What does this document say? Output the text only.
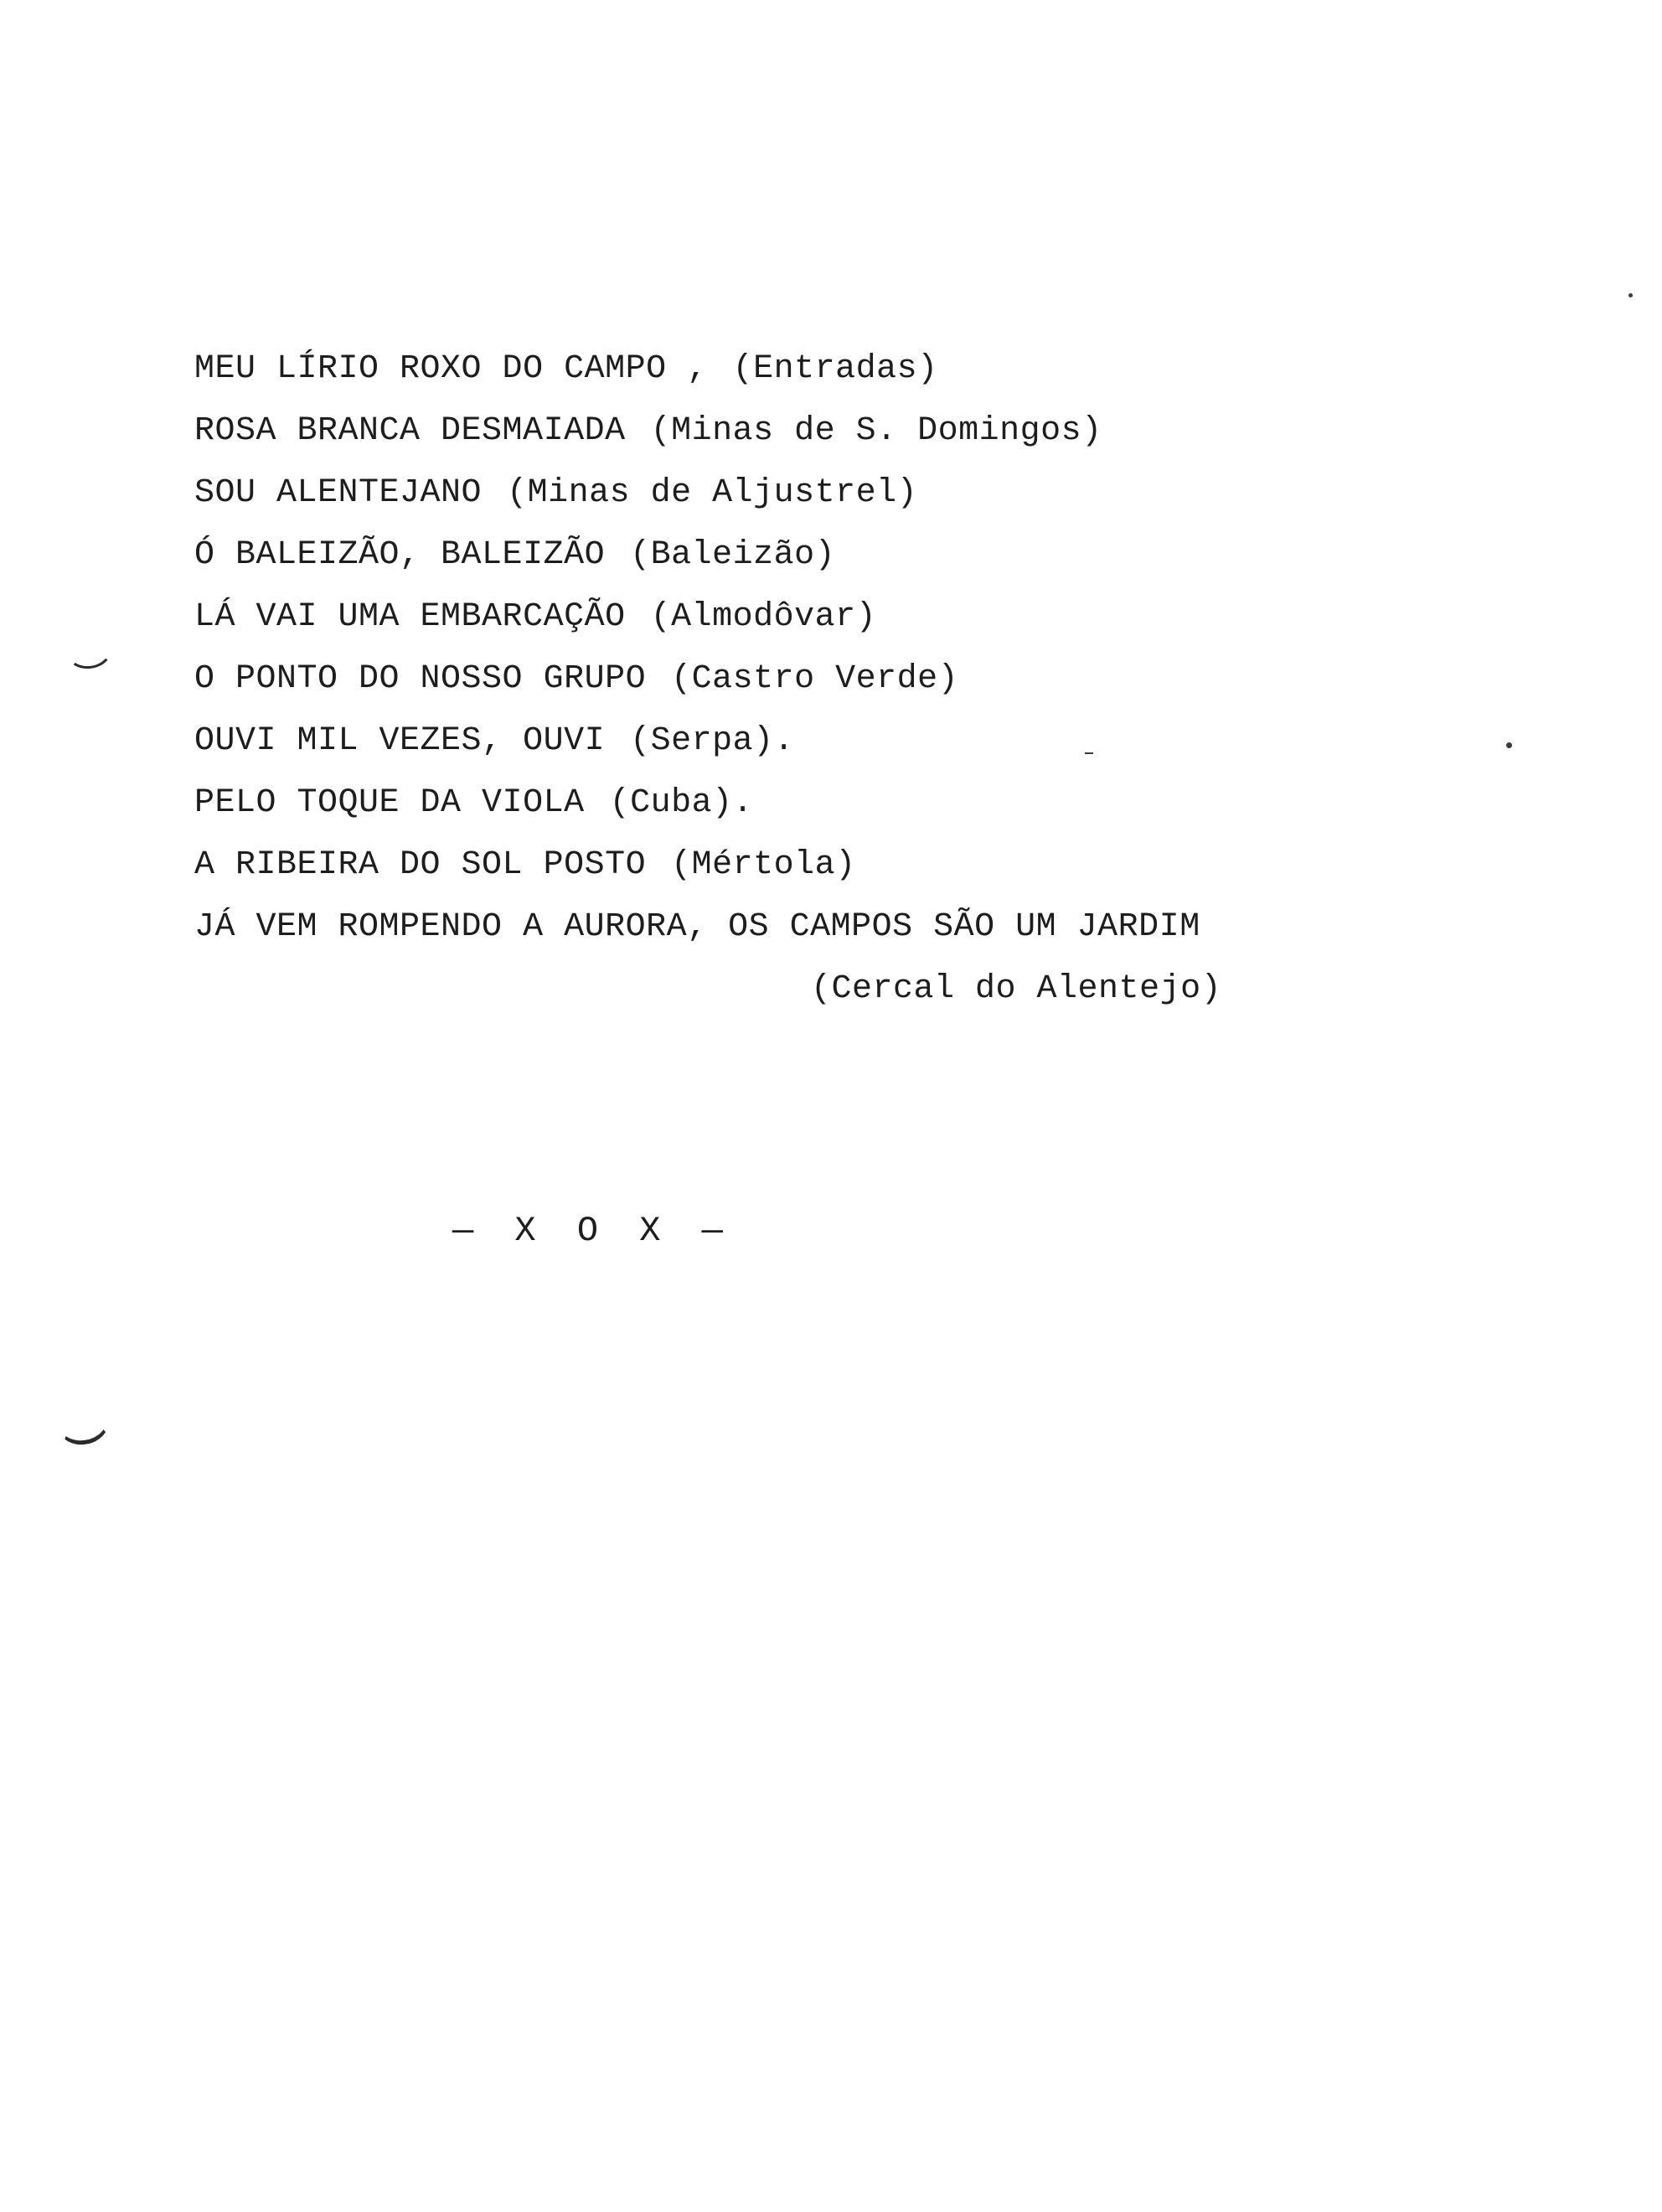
MEU LÍRIO ROXO DO CAMPO , (Entradas)
ROSA BRANCA DESMAIADA (Minas de S. Domingos)
SOU ALENTEJANO (Minas de Aljustrel)
Ó BALEIZÃO, BALEIZÃO (Baleizão)
LÁ VAI UMA EMBARCAÇÃO (Almodôvar)
O PONTO DO NOSSO GRUPO (Castro Verde)
OUVI MIL VEZES, OUVI (Serpa).
PELO TOQUE DA VIOLA (Cuba).
A RIBEIRA DO SOL POSTO (Mértola)
JÁ VEM ROMPENDO A AURORA, OS CAMPOS SÃO UM JARDIM
(Cercal do Alentejo)
— X O X —
